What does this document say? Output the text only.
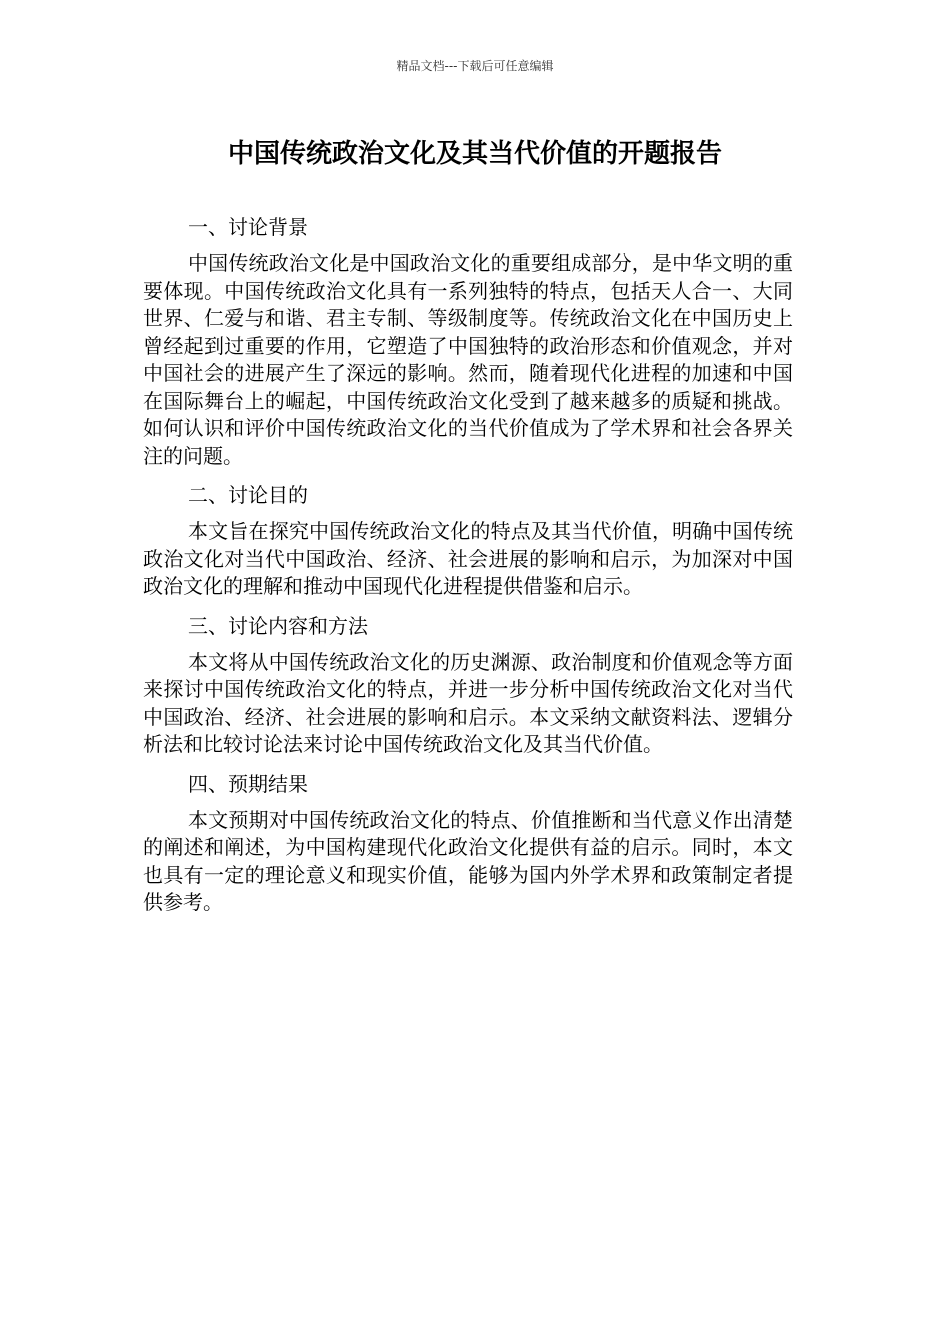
精品文档---下载后可任意编辑
中国传统政治文化及其当代价值的开题报告
一、讨论背景

中国传统政治文化是中国政治文化的重要组成部分，是中华文明的重要体现。中国传统政治文化具有一系列独特的特点，包括天人合一、大同世界、仁爱与和谐、君主专制、等级制度等。传统政治文化在中国历史上曾经起到过重要的作用，它塑造了中国独特的政治形态和价值观念，并对中国社会的进展产生了深远的影响。然而，随着现代化进程的加速和中国在国际舞台上的崛起，中国传统政治文化受到了越来越多的质疑和挑战。如何认识和评价中国传统政治文化的当代价值成为了学术界和社会各界关注的问题。

二、讨论目的

本文旨在探究中国传统政治文化的特点及其当代价值，明确中国传统政治文化对当代中国政治、经济、社会进展的影响和启示，为加深对中国政治文化的理解和推动中国现代化进程提供借鉴和启示。

三、讨论内容和方法

本文将从中国传统政治文化的历史渊源、政治制度和价值观念等方面来探讨中国传统政治文化的特点，并进一步分析中国传统政治文化对当代中国政治、经济、社会进展的影响和启示。本文采纳文献资料法、逻辑分析法和比较讨论法来讨论中国传统政治文化及其当代价值。

四、预期结果

本文预期对中国传统政治文化的特点、价值推断和当代意义作出清楚的阐述和阐述，为中国构建现代化政治文化提供有益的启示。同时，本文也具有一定的理论意义和现实价值，能够为国内外学术界和政策制定者提供参考。
